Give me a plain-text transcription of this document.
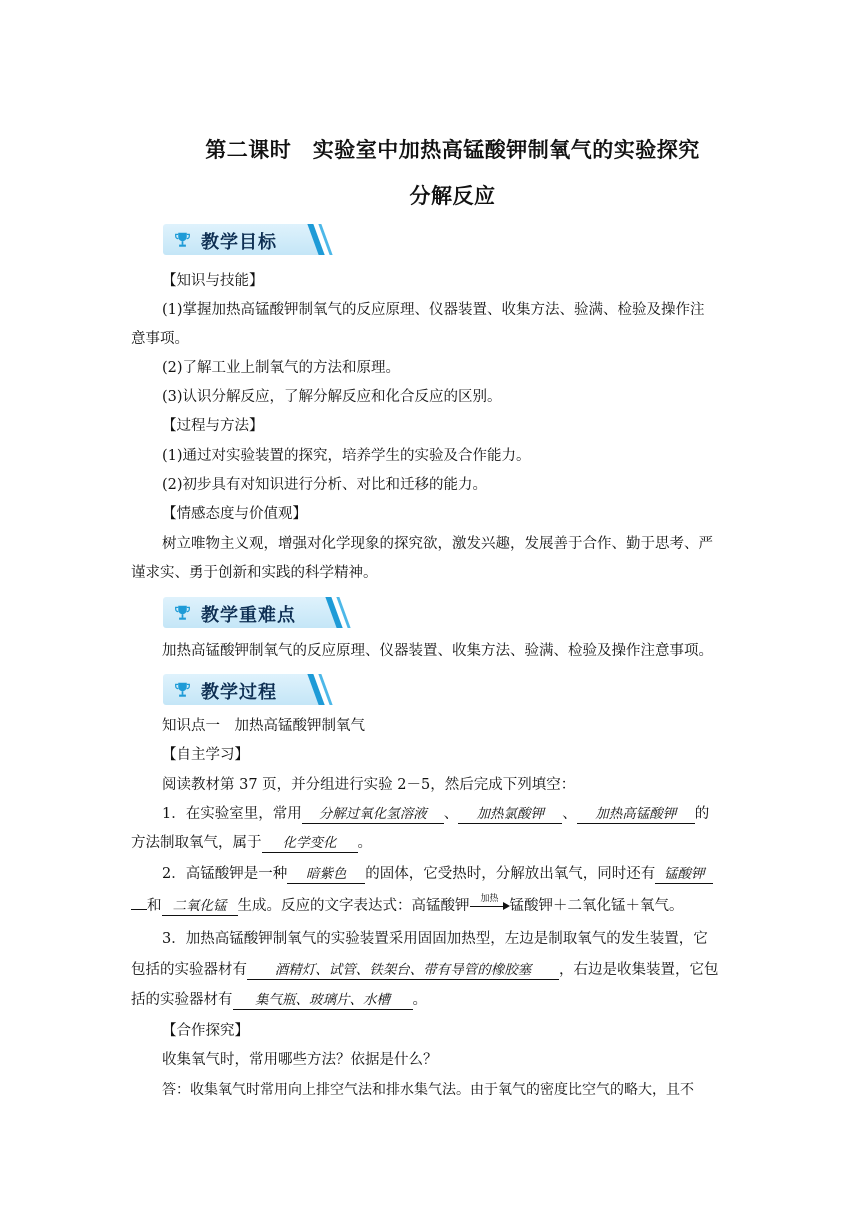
第二课时　实验室中加热高锰酸钾制氧气的实验探究
分解反应
教学目标
【知识与技能】
(1)掌握加热高锰酸钾制氧气的反应原理、仪器装置、收集方法、验满、检验及操作注
意事项。
(2)了解工业上制氧气的方法和原理。
(3)认识分解反应，了解分解反应和化合反应的区别。
【过程与方法】
(1)通过对实验装置的探究，培养学生的实验及合作能力。
(2)初步具有对知识进行分析、对比和迁移的能力。
【情感态度与价值观】
树立唯物主义观，增强对化学现象的探究欲，激发兴趣，发展善于合作、勤于思考、严
谨求实、勇于创新和实践的科学精神。
教学重难点
加热高锰酸钾制氧气的反应原理、仪器装置、收集方法、验满、检验及操作注意事项。
教学过程
知识点一　加热高锰酸钾制氧气
【自主学习】
阅读教材第 37 页，并分组进行实验 2－5，然后完成下列填空：
1．在实验室里，常用 分解过氧化氢溶液 、 加热氯酸钾 、 加热高锰酸钾 的
方法制取氧气，属于 化学变化 。
2．高锰酸钾是一种 暗紫色 的固体，它受热时，分解放出氧气，同时还有 锰酸钾
和 二氧化锰 生成。反应的文字表达式：高锰酸钾	加热 锰酸钾＋二氧化锰＋氧气。
3．加热高锰酸钾制氧气的实验装置采用固固加热型，左边是制取氧气的发生装置，它
包括的实验器材有 酒精灯、试管、铁架台、带有导管的橡胶塞 ，右边是收集装置，它包
括的实验器材有 集气瓶、玻璃片、水槽 。
【合作探究】
收集氧气时，常用哪些方法？依据是什么？
答：收集氧气时常用向上排空气法和排水集气法。由于氧气的密度比空气的略大，且不
